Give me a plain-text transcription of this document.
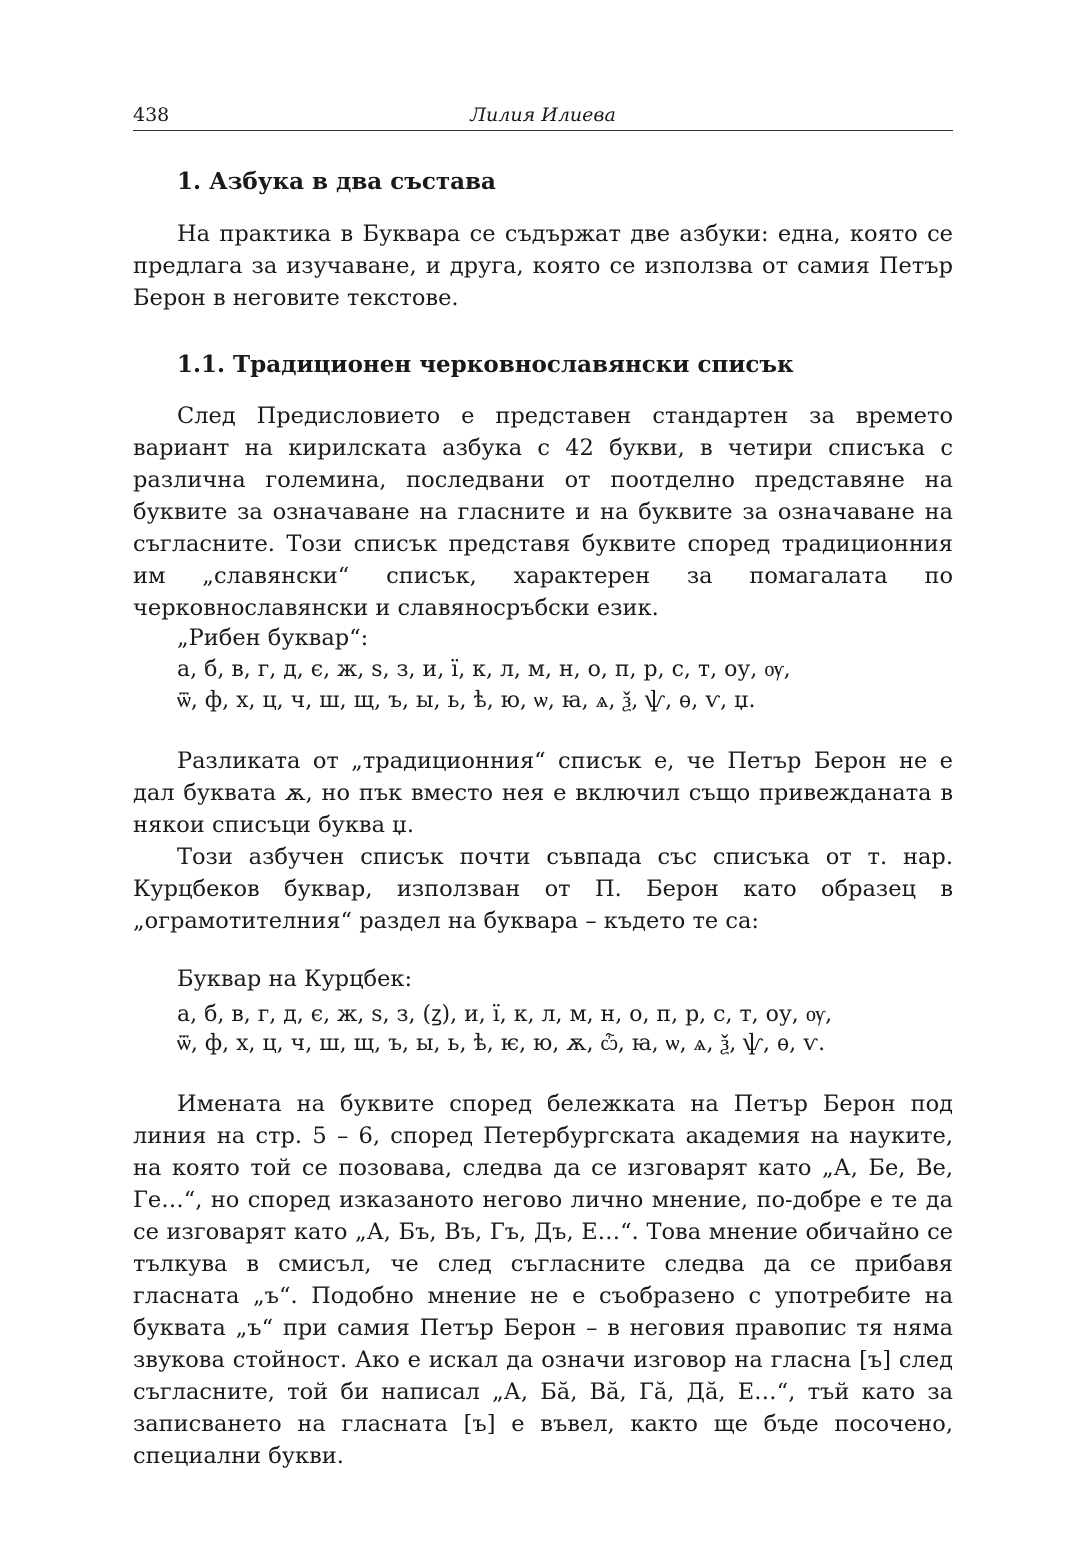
438	Лилия Илиева
1. Азбука в два състава

На практика в Буквара се съдържат две азбуки: една, която се предлага за изучаване, и друга, която се използва от самия Петър Берон в неговите текстове.

1.1. Традиционен черковнославянски списък

След Предисловието е представен стандартен за времето вариант на кирилската азбука с 42 букви, в четири списъка с различна големина, последвани от поотделно представяне на буквите за означаване на гласните и на буквите за означаване на съгласните. Този списък представя буквите според традиционния им „славянски“ списък, характерен за помагалата по черковнославянски и славяносръбски език.

„Рибен буквар“:

а, б, в, г, д, є, ж, ѕ, з, и, ї, к, л, м, н, о, п, р, с, т, оу, ѹ,

ѿ, ф, х, ц, ч, ш, щ, ъ, ы, ь, ѣ, ю, ѡ, ꙗ, ѧ, ѯ, ѱ, ѳ, ѵ, џ.

Разликата от „традиционния“ списък е, че Петър Берон не е дал буквата ѫ, но пък вместо нея е включил също привежданата в някои списъци буква џ.

Този азбучен списък почти съвпада със списъка от т. нар. Курцбеков буквар, използван от П. Берон като образец в „ограмотителния“ раздел на буквара – където те са:

Буквар на Курцбек:

а, б, в, г, д, є, ж, ѕ, з, (ꙁ), и, ї, к, л, м, н, о, п, р, с, т, оу, ѹ,

ѿ, ф, х, ц, ч, ш, щ, ъ, ы, ь, ѣ, ѥ, ю, ѫ, ѽ, ꙗ, ѡ, ѧ, ѯ, ѱ, ѳ, ѵ.

Имената на буквите според бележката на Петър Берон под линия на стр. 5 – 6, според Петербургската академия на науките, на която той се позовава, следва да се изговарят като „А, Бе, Ве, Ге…“, но според изказаното негово лично мнение, по-добре е те да се изговарят като „А, Бъ, Въ, Гъ, Дъ, Е…“. Това мнение обичайно се тълкува в смисъл, че след съгласните следва да се прибавя гласната „ъ“. Подобно мнение не е съобразено с употребите на буквата „ъ“ при самия Петър Берон – в неговия правопис тя няма звукова стойност. Ако е искал да означи изговор на гласна [ъ] след съгласните, той би написал „А, Бӑ, Вӑ, Гӑ, Дӑ, Е…“, тъй като за записването на гласната [ъ] е въвел, както ще бъде посочено, специални букви.
